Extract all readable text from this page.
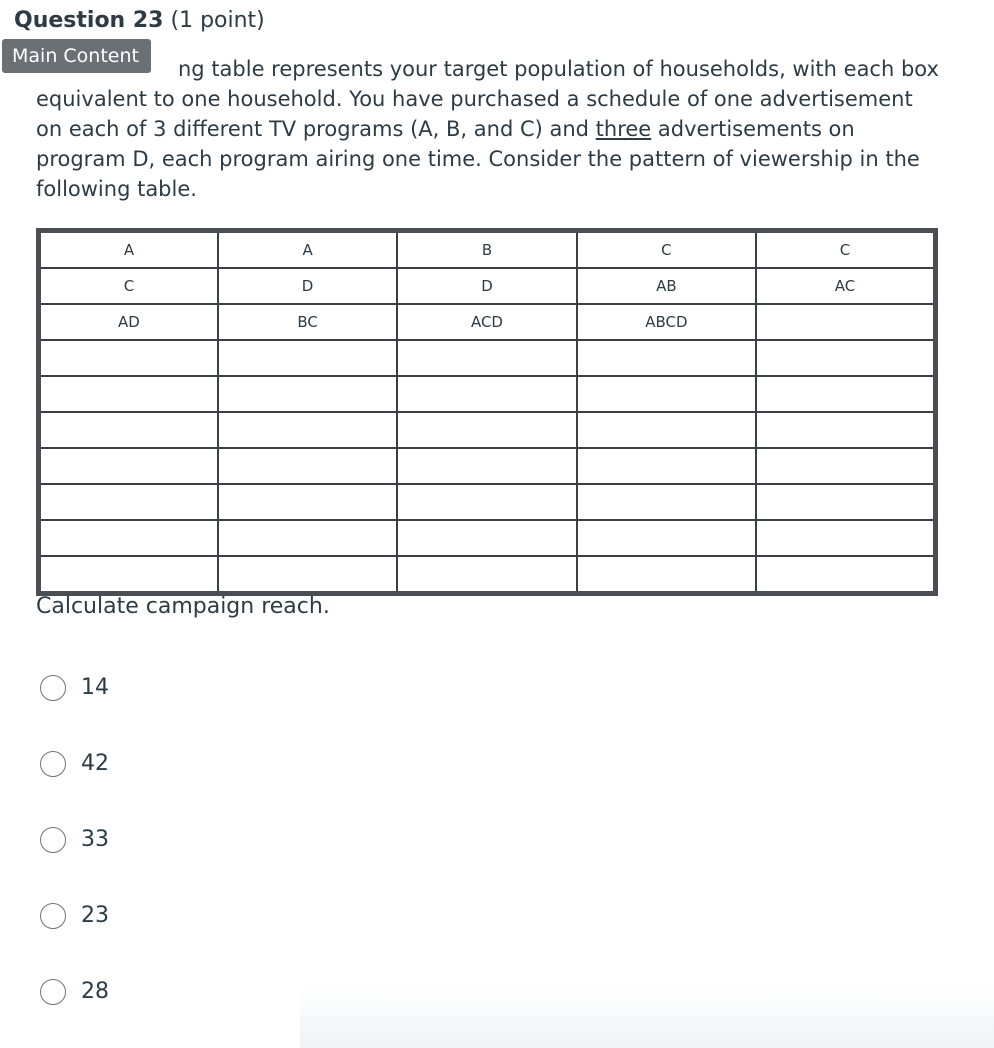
Question 23 (1 point)
Main Content
ng table represents your target population of households, with each box
equivalent to one household. You have purchased a schedule of one advertisement
on each of 3 different TV programs (A, B, and C) and three advertisements on
program D, each program airing one time. Consider the pattern of viewership in the
following table.
A	A	B	C	C
C	D	D	AB	AC
AD	BC	ACD	ABCD	

Calculate campaign reach.
14
42
33
23
28
